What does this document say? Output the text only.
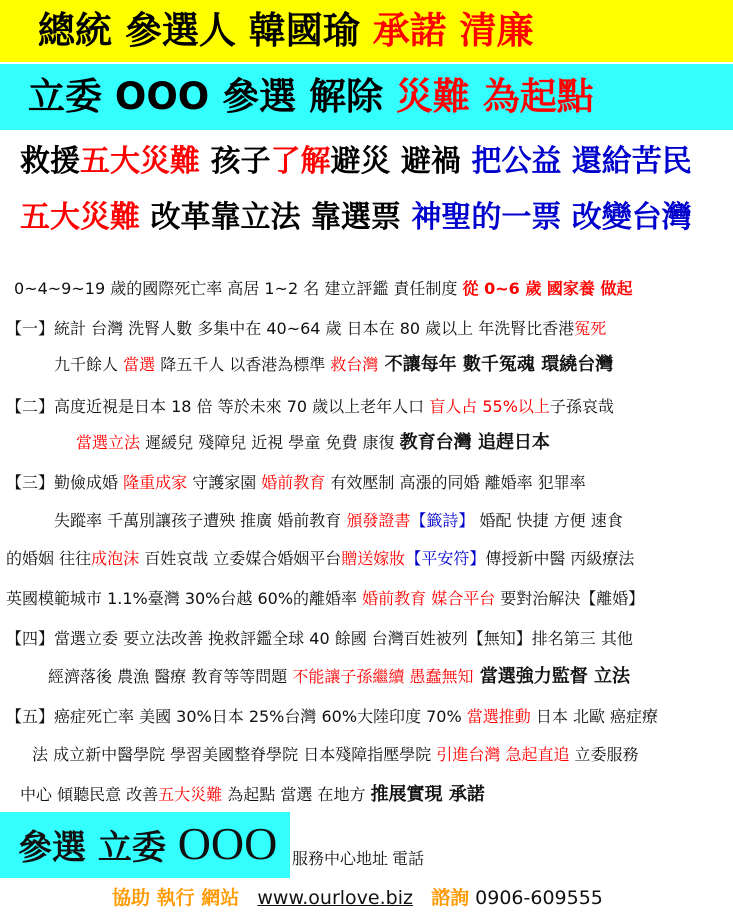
總統 參選人 韓國瑜 承諾 清廉
立委 OOO 參選 解除 災難 為起點
救援五大災難 孩子了解避災 避禍 把公益 還給苦民
五大災難 改革靠立法 靠選票 神聖的一票 改變台灣
0~4~9~19 歲的國際死亡率 高居 1~2 名 建立評鑑 責任制度 從 0~6 歲 國家養 做起
【一】統計 台灣 洗腎人數 多集中在 40~64 歲 日本在 80 歲以上 年洗腎比香港冤死
九千餘人 當選 降五千人 以香港為標準 救台灣 不讓每年 數千冤魂 環繞台灣
【二】高度近視是日本 18 倍 等於未來 70 歲以上老年人口 盲人占 55%以上子孫哀哉
當選立法 遲緩兒 殘障兒 近視 學童 免費 康復 教育台灣 追趕日本
【三】勤儉成婚 隆重成家 守護家園 婚前教育 有效壓制 高漲的同婚 離婚率 犯罪率
失蹤率 千萬別讓孩子遭殃 推廣 婚前教育 頒發證書【籤詩】 婚配 快捷 方便 速食
的婚姻 往往成泡沫 百姓哀哉 立委媒合婚姻平台贈送嫁妝【平安符】傳授新中醫 丙級療法
英國模範城市 1.1%臺灣 30%台越 60%的離婚率 婚前教育 媒合平台 要對治解決【離婚】
【四】當選立委 要立法改善 挽救評鑑全球 40 餘國 台灣百姓被列【無知】排名第三 其他
經濟落後 農漁 醫療 教育等等問題 不能讓子孫繼續 愚蠢無知 當選強力監督 立法
【五】癌症死亡率 美國 30%日本 25%台灣 60%大陸印度 70% 當選推動 日本 北歐 癌症療
法 成立新中醫學院 學習美國整脊學院 日本殘障指壓學院 引進台灣 急起直追 立委服務
中心 傾聽民意 改善五大災難 為起點 當選 在地方 推展實現 承諾
參選 立委 OOO 服務中心地址 電話
協助 執行 網站 www.ourlove.biz 諮詢 0906-609555
